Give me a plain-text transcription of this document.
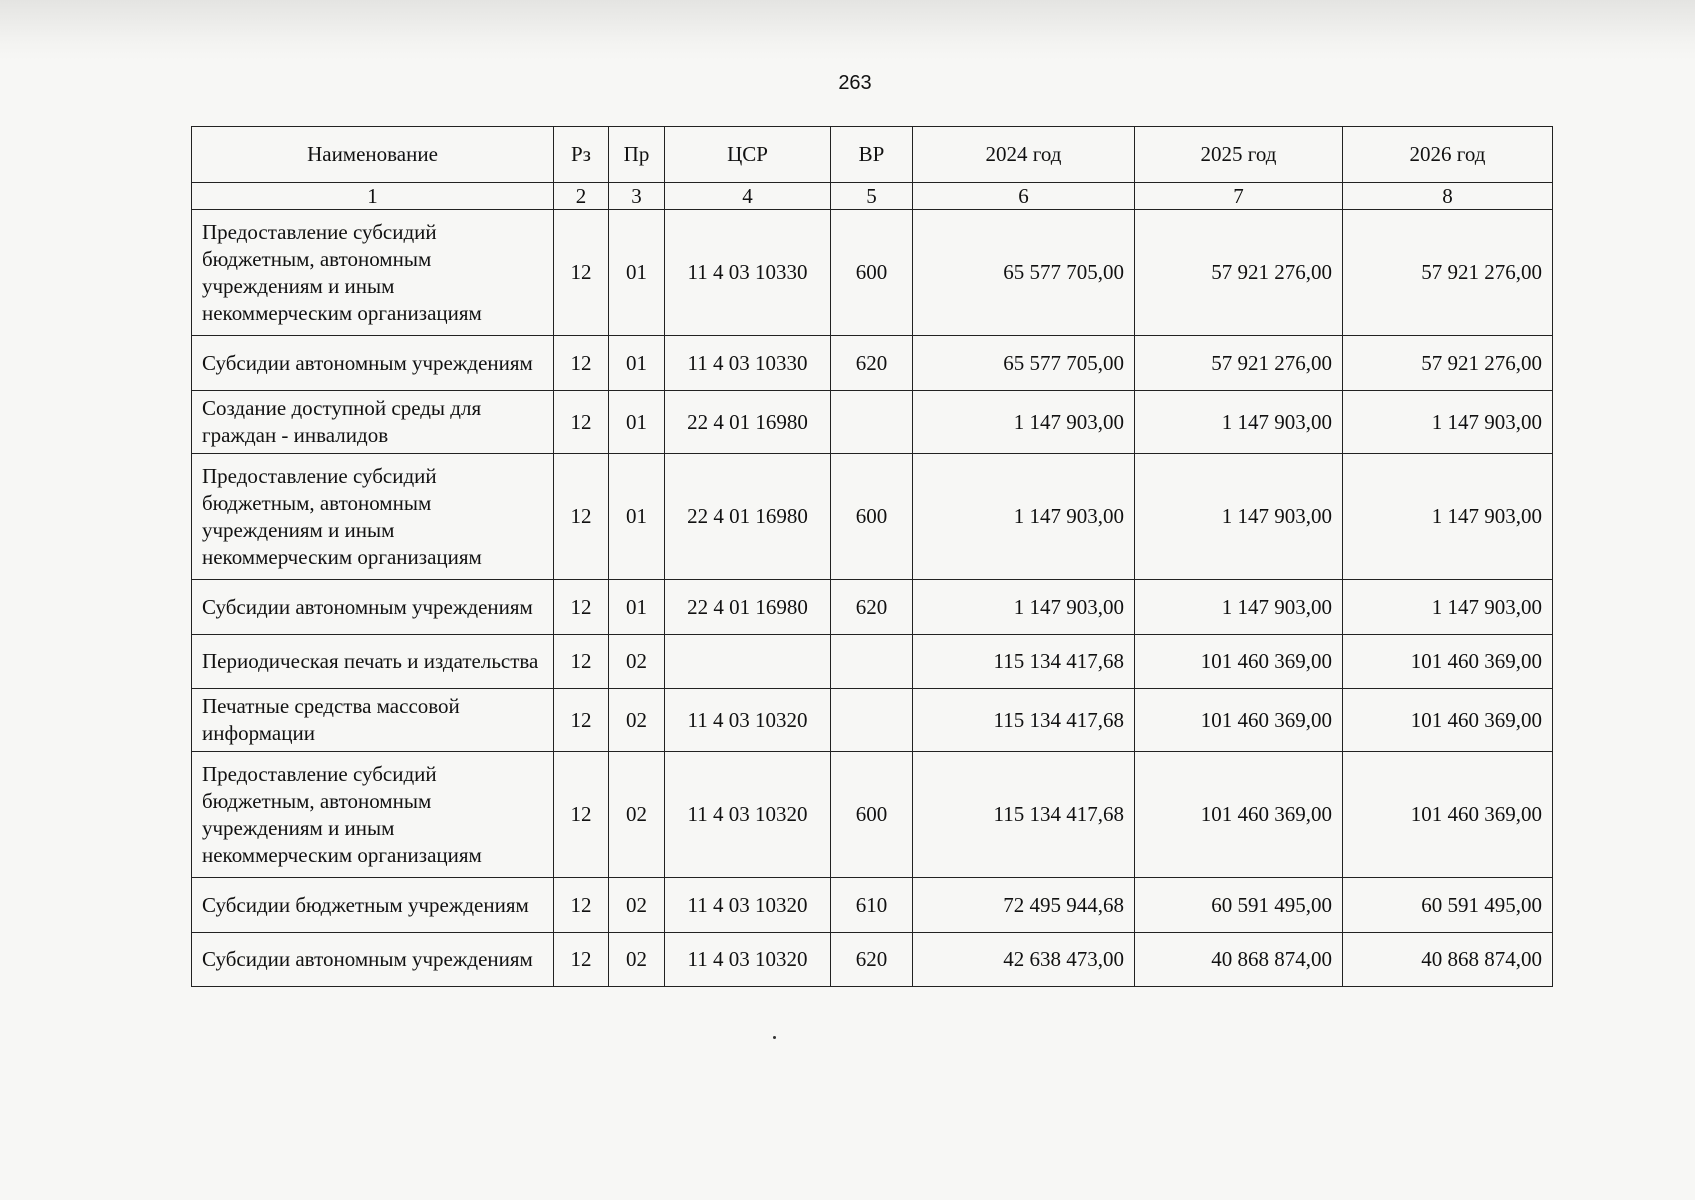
263
Наименование	Рз	Пр	ЦСР	ВР	2024 год	2025 год	2026 год
1	2	3	4	5	6	7	8
Предоставление субсидий бюджетным, автономным учреждениям и иным некоммерческим организациям	12	01	11 4 03 10330	600	65 577 705,00	57 921 276,00	57 921 276,00
Субсидии автономным учреждениям	12	01	11 4 03 10330	620	65 577 705,00	57 921 276,00	57 921 276,00
Создание доступной среды для граждан - инвалидов	12	01	22 4 01 16980		1 147 903,00	1 147 903,00	1 147 903,00
Предоставление субсидий бюджетным, автономным учреждениям и иным некоммерческим организациям	12	01	22 4 01 16980	600	1 147 903,00	1 147 903,00	1 147 903,00
Субсидии автономным учреждениям	12	01	22 4 01 16980	620	1 147 903,00	1 147 903,00	1 147 903,00
Периодическая печать и издательства	12	02			115 134 417,68	101 460 369,00	101 460 369,00
Печатные средства массовой информации	12	02	11 4 03 10320		115 134 417,68	101 460 369,00	101 460 369,00
Предоставление субсидий бюджетным, автономным учреждениям и иным некоммерческим организациям	12	02	11 4 03 10320	600	115 134 417,68	101 460 369,00	101 460 369,00
Субсидии бюджетным учреждениям	12	02	11 4 03 10320	610	72 495 944,68	60 591 495,00	60 591 495,00
Субсидии автономным учреждениям	12	02	11 4 03 10320	620	42 638 473,00	40 868 874,00	40 868 874,00
